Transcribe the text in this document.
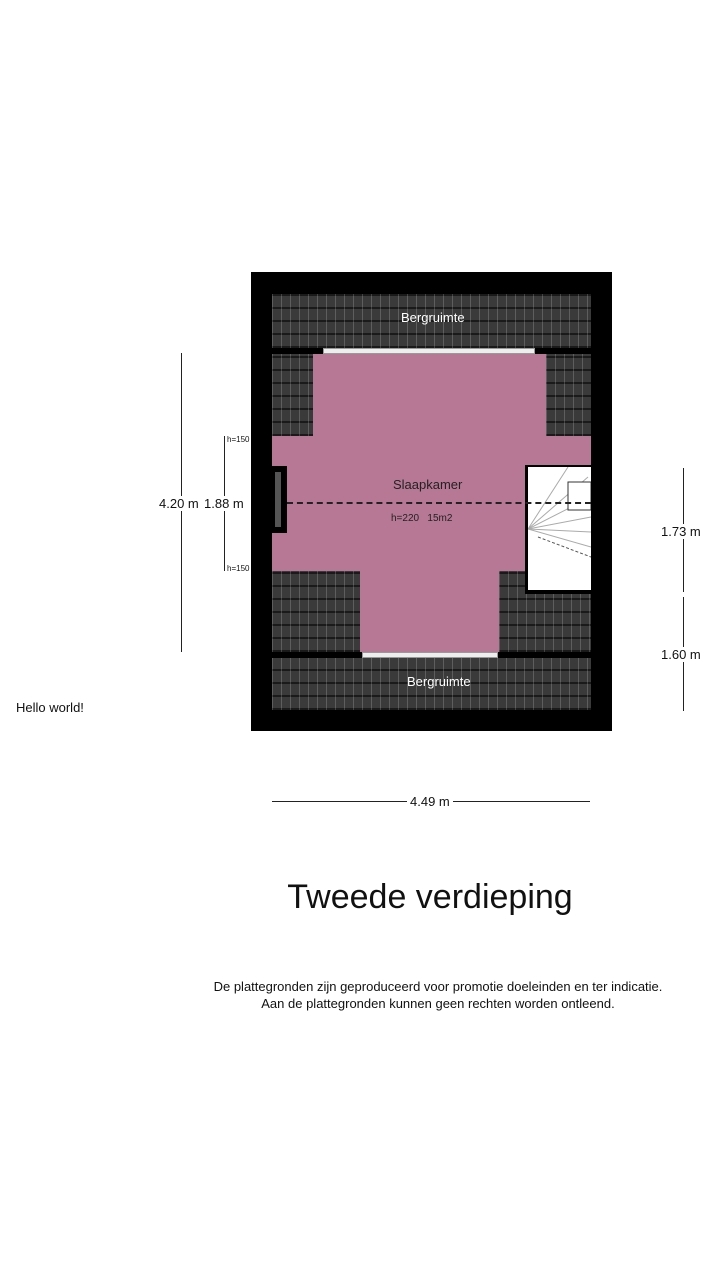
Bergruimte
Slaapkamer
h=220   15m2
Bergruimte
4.20 m 1.88 m
h=150
h=150
1.73 m
1.60 m
4.49 m
Hello world!
Tweede verdieping
De plattegronden zijn geproduceerd voor promotie doeleinden en ter indicatie.
Aan de plattegronden kunnen geen rechten worden ontleend.
